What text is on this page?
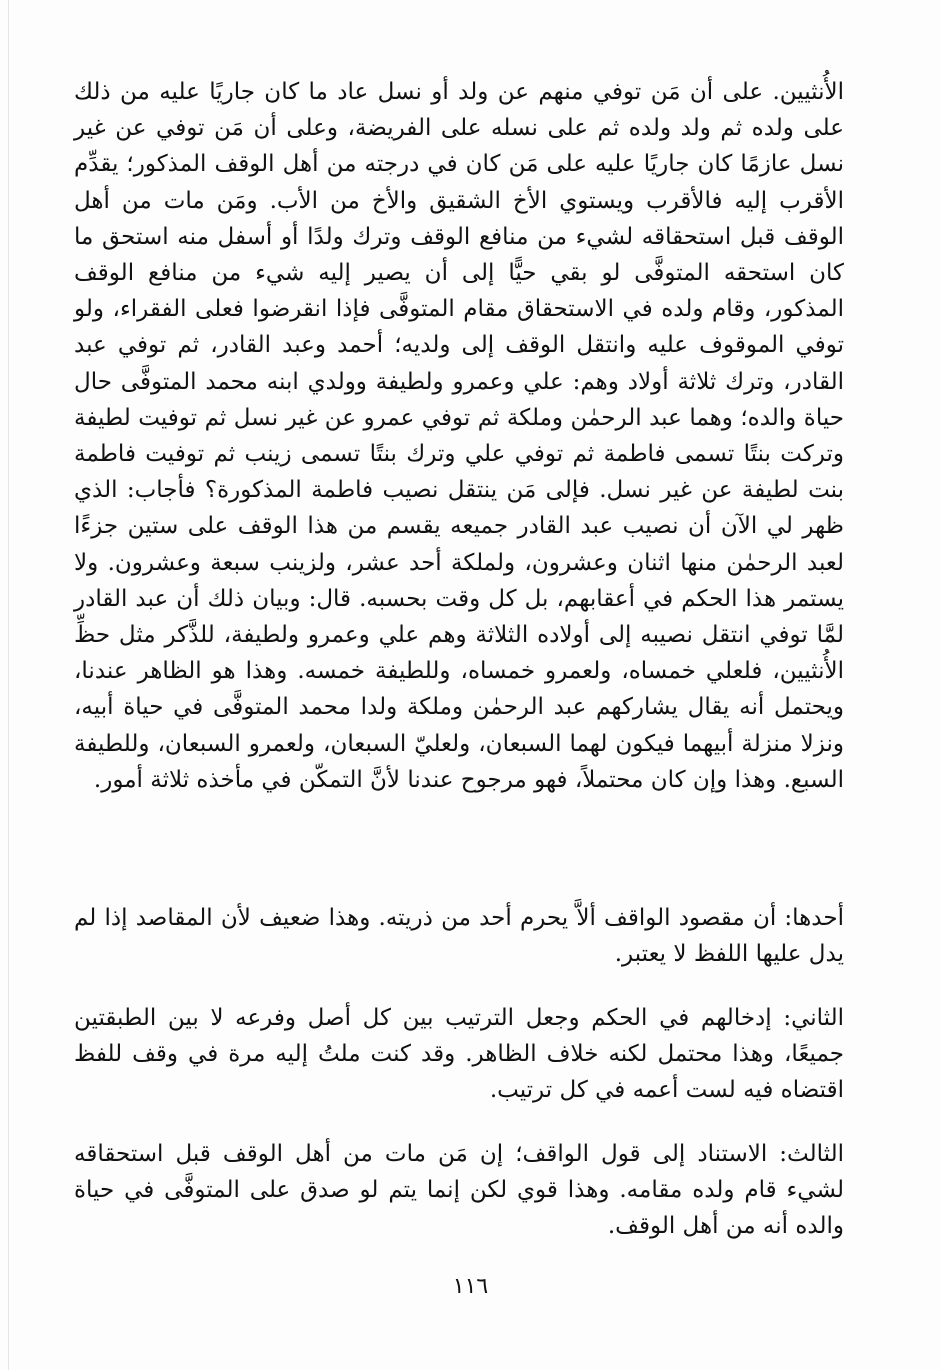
الأُنثيين. على أن مَن توفي منهم عن ولد أو نسل عاد ما كان جاريًا عليه من ذلك على ولده ثم ولد ولده ثم على نسله على الفريضة، وعلى أن مَن توفي عن غير نسل عازمًا كان جاريًا عليه على مَن كان في درجته من أهل الوقف المذكور؛ يقدِّم الأقرب إليه فالأقرب ويستوي الأخ الشقيق والأخ من الأب. ومَن مات من أهل الوقف قبل استحقاقه لشيء من منافع الوقف وترك ولدًا أو أسفل منه استحق ما كان استحقه المتوفَّى لو بقي حيًّا إلى أن يصير إليه شيء من منافع الوقف المذكور، وقام ولده في الاستحقاق مقام المتوفَّى فإذا انقرضوا فعلى الفقراء، ولو توفي الموقوف عليه وانتقل الوقف إلى ولديه؛ أحمد وعبد القادر، ثم توفي عبد القادر، وترك ثلاثة أولاد وهم: علي وعمرو ولطيفة وولدي ابنه محمد المتوفَّى حال حياة والده؛ وهما عبد الرحمٰن وملكة ثم توفي عمرو عن غير نسل ثم توفيت لطيفة وتركت بنتًا تسمى فاطمة ثم توفي علي وترك بنتًا تسمى زينب ثم توفيت فاطمة بنت لطيفة عن غير نسل. فإلى مَن ينتقل نصيب فاطمة المذكورة؟ فأجاب: الذي ظهر لي الآن أن نصيب عبد القادر جميعه يقسم من هذا الوقف على ستين جزءًا لعبد الرحمٰن منها اثنان وعشرون، ولملكة أحد عشر، ولزينب سبعة وعشرون. ولا يستمر هذا الحكم في أعقابهم، بل كل وقت بحسبه. قال: وبيان ذلك أن عبد القادر لمَّا توفي انتقل نصيبه إلى أولاده الثلاثة وهم علي وعمرو ولطيفة، للذَّكر مثل حظِّ الأُنثيين، فلعلي خمساه، ولعمرو خمساه، وللطيفة خمسه. وهذا هو الظاهر عندنا، ويحتمل أنه يقال يشاركهم عبد الرحمٰن وملكة ولدا محمد المتوفَّى في حياة أبيه، ونزلا منزلة أبيهما فيكون لهما السبعان، ولعليّ السبعان، ولعمرو السبعان، وللطيفة السبع. وهذا وإن كان محتملاً، فهو مرجوح عندنا لأنَّ التمكّن في مأخذه ثلاثة أمور.

أحدها: أن مقصود الواقف ألاَّ يحرم أحد من ذريته. وهذا ضعيف لأن المقاصد إذا لم يدل عليها اللفظ لا يعتبر.

الثاني: إدخالهم في الحكم وجعل الترتيب بين كل أصل وفرعه لا بين الطبقتين جميعًا، وهذا محتمل لكنه خلاف الظاهر. وقد كنت ملتُ إليه مرة في وقف للفظ اقتضاه فيه لست أعمه في كل ترتيب.

الثالث: الاستناد إلى قول الواقف؛ إن مَن مات من أهل الوقف قبل استحقاقه لشيء قام ولده مقامه. وهذا قوي لكن إنما يتم لو صدق على المتوفَّى في حياة والده أنه من أهل الوقف.

١١٦
